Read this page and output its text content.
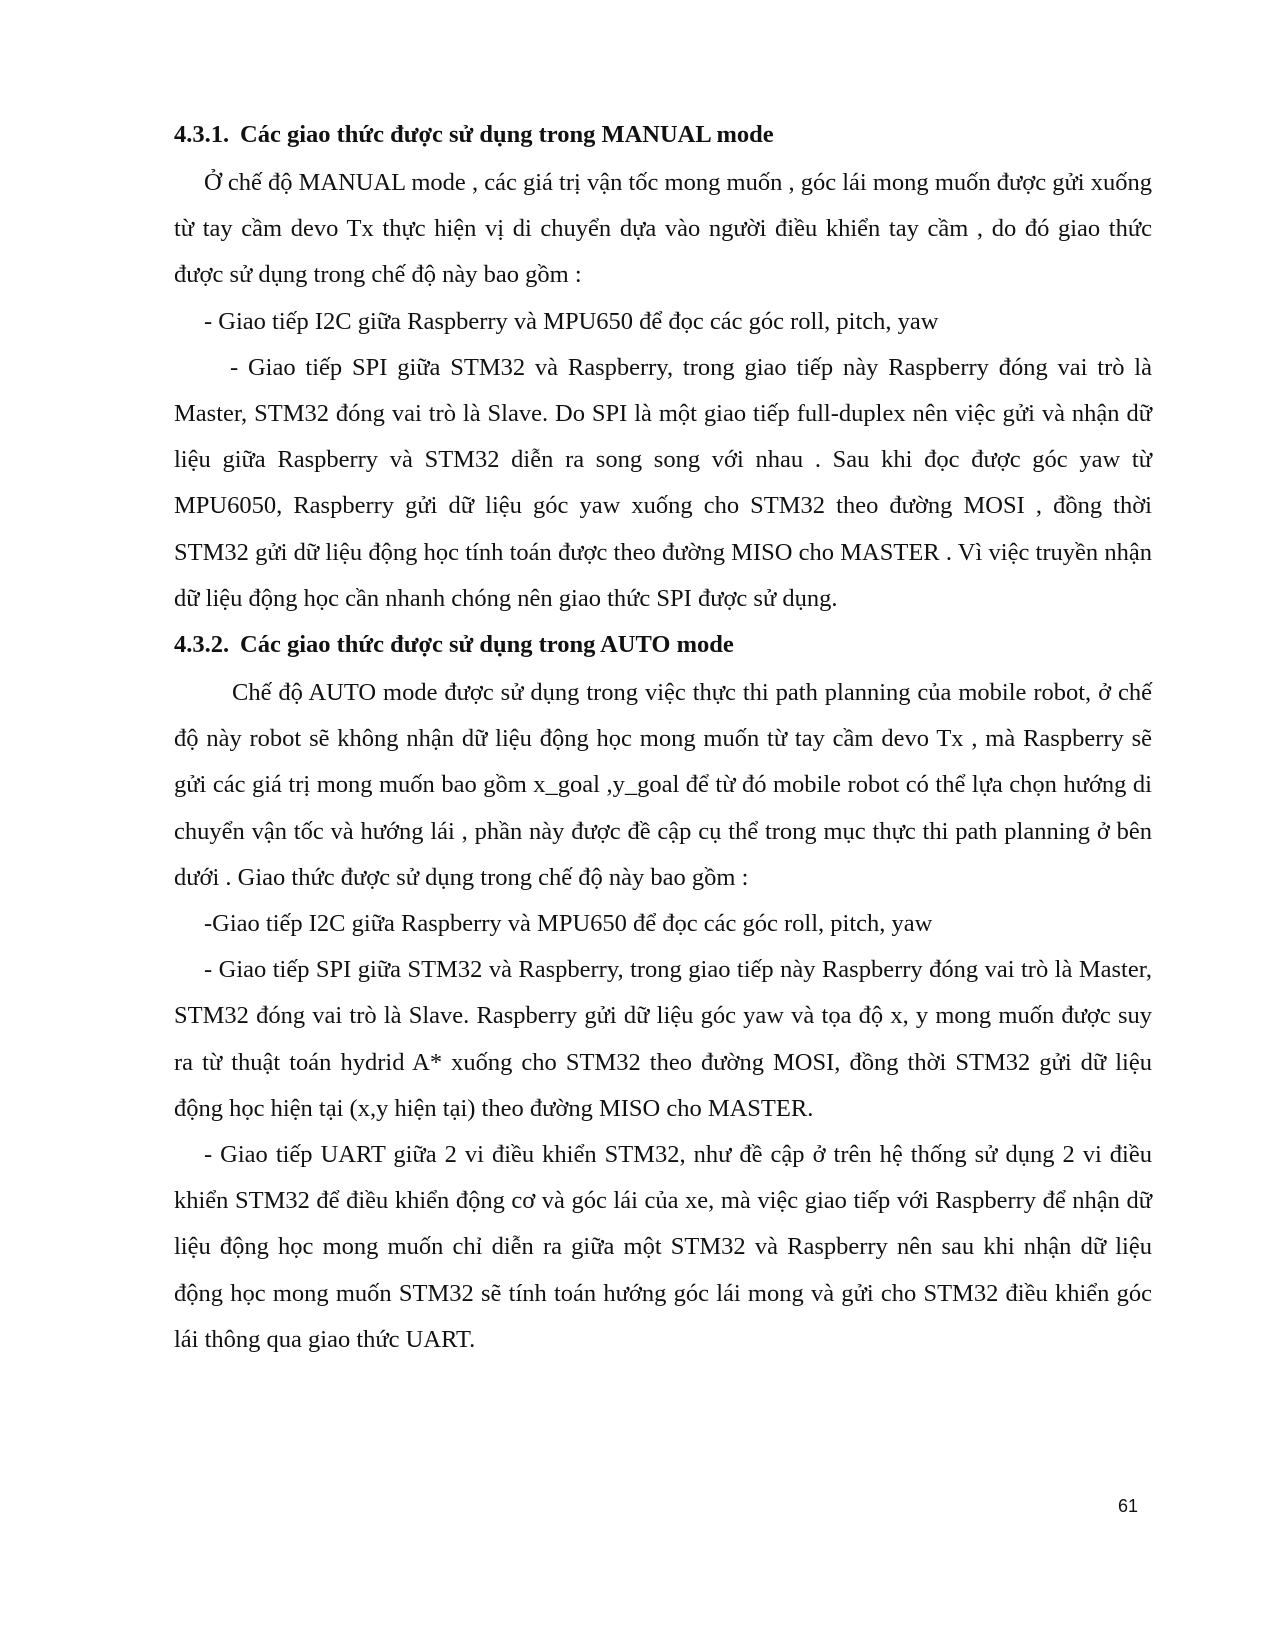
4.3.1. Các giao thức được sử dụng trong MANUAL mode

Ở chế độ MANUAL mode , các giá trị vận tốc mong muốn , góc lái mong muốn được gửi xuống từ tay cầm devo Tx thực hiện vị di chuyển dựa vào người điều khiển tay cầm , do đó giao thức được sử dụng trong chế độ này bao gồm :

- Giao tiếp I2C giữa Raspberry và MPU650 để đọc các góc roll, pitch, yaw

- Giao tiếp SPI giữa STM32 và Raspberry, trong giao tiếp này Raspberry đóng vai trò là Master, STM32 đóng vai trò là Slave. Do SPI là một giao tiếp full-duplex nên việc gửi và nhận dữ liệu giữa Raspberry và STM32 diễn ra song song với nhau . Sau khi đọc được góc yaw từ MPU6050, Raspberry gửi dữ liệu góc yaw xuống cho STM32 theo đường MOSI , đồng thời STM32 gửi dữ liệu động học tính toán được theo đường MISO cho MASTER . Vì việc truyền nhận dữ liệu động học cần nhanh chóng nên giao thức SPI được sử dụng.

4.3.2. Các giao thức được sử dụng trong AUTO mode

Chế độ AUTO mode được sử dụng trong việc thực thi path planning của mobile robot, ở chế độ này robot sẽ không nhận dữ liệu động học mong muốn từ tay cầm devo Tx , mà Raspberry sẽ gửi các giá trị mong muốn bao gồm x_goal ,y_goal để từ đó mobile robot có thể lựa chọn hướng di chuyển vận tốc và hướng lái , phần này được đề cập cụ thể trong mục thực thi path planning ở bên dưới . Giao thức được sử dụng trong chế độ này bao gồm :

-Giao tiếp I2C giữa Raspberry và MPU650 để đọc các góc roll, pitch, yaw

- Giao tiếp SPI giữa STM32 và Raspberry, trong giao tiếp này Raspberry đóng vai trò là Master, STM32 đóng vai trò là Slave. Raspberry gửi dữ liệu góc yaw và tọa độ x, y mong muốn được suy ra từ thuật toán hydrid A* xuống cho STM32 theo đường MOSI, đồng thời STM32 gửi dữ liệu động học hiện tại (x,y hiện tại) theo đường MISO cho MASTER.

- Giao tiếp UART giữa 2 vi điều khiển STM32, như đề cập ở trên hệ thống sử dụng 2 vi điều khiển STM32 để điều khiển động cơ và góc lái của xe, mà việc giao tiếp với Raspberry để nhận dữ liệu động học mong muốn chỉ diễn ra giữa một STM32 và Raspberry nên sau khi nhận dữ liệu động học mong muốn STM32 sẽ tính toán hướng góc lái mong và gửi cho STM32 điều khiển góc lái thông qua giao thức UART.

61
